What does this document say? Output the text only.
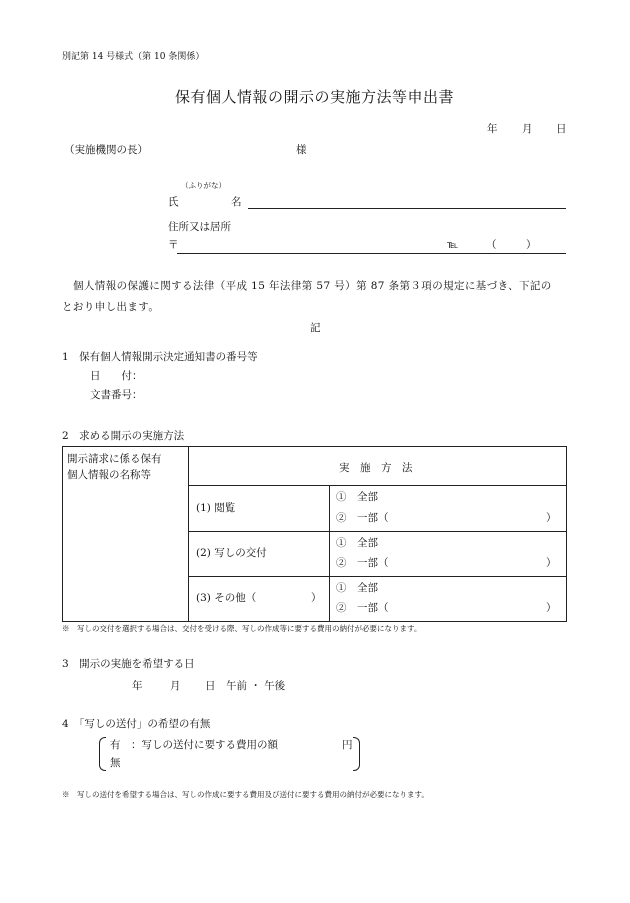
別記第 14 号様式（第 10 条関係）
保有個人情報の開示の実施方法等申出書
年 月 日
（実施機関の長）	様
（ふりがな）
氏	名
住所又は居所
〒	℡	（	）
個人情報の保護に関する法律（平成 15 年法律第 57 号）第 87 条第３項の規定に基づき、下記の
とおり申し出ます。
記
1　保有個人情報開示決定通知書の番号等
日　　付：
文書番号：
2　求める開示の実施方法
開示請求に係る保有
個人情報の名称等
実　施　方　法
(1) 閲覧
①　全部
②　一部（	）
(2) 写しの交付
①　全部
②　一部（	）
(3) その他（	）
①　全部
②　一部（	）
※　写しの交付を選択する場合は、交付を受ける際、写しの作成等に要する費用の納付が必要になります。
3　開示の実施を希望する日
年	月 日 午前 ・ 午後
4　「写しの送付」の希望の有無
有　：写しの送付に要する費用の額	円
無
※　写しの送付を希望する場合は、写しの作成に要する費用及び送付に要する費用の納付が必要になります。
